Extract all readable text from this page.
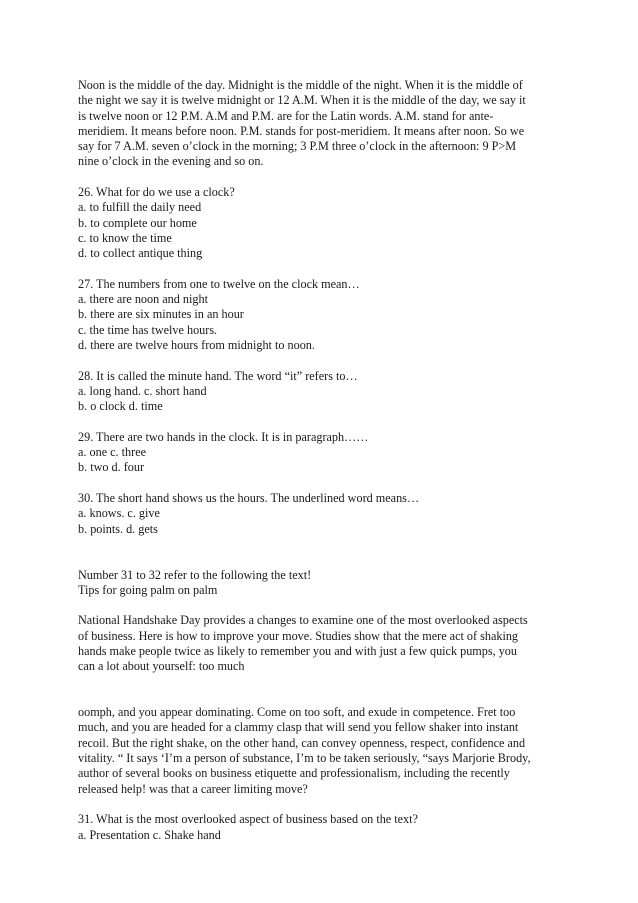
Noon is the middle of the day. Midnight is the middle of the night. When it is the middle of
the night we say it is twelve midnight or 12 A.M. When it is the middle of the day, we say it
is twelve noon or 12 P.M. A.M and P.M. are for the Latin words. A.M. stand for ante-
meridiem. It means before noon. P.M. stands for post-meridiem. It means after noon. So we
say for 7 A.M. seven o’clock in the morning; 3 P.M three o’clock in the afternoon: 9 P>M
nine o’clock in the evening and so on.
26. What for do we use a clock?
a. to fulfill the daily need
b. to complete our home
c. to know the time
d. to collect antique thing
27. The numbers from one to twelve on the clock mean…
a. there are noon and night
b. there are six minutes in an hour
c. the time has twelve hours.
d. there are twelve hours from midnight to noon.
28. It is called the minute hand. The word “it” refers to…
a. long hand. c. short hand
b. o clock d. time
29. There are two hands in the clock. It is in paragraph……
a. one c. three
b. two d. four
30. The short hand shows us the hours. The underlined word means…
a. knows. c. give
b. points. d. gets
Number 31 to 32 refer to the following the text!
Tips for going palm on palm
National Handshake Day provides a changes to examine one of the most overlooked aspects
of business. Here is how to improve your move. Studies show that the mere act of shaking
hands make people twice as likely to remember you and with just a few quick pumps, you
can a lot about yourself: too much
oomph, and you appear dominating. Come on too soft, and exude in competence. Fret too
much, and you are headed for a clammy clasp that will send you fellow shaker into instant
recoil. But the right shake, on the other hand, can convey openness, respect, confidence and
vitality. “ It says ‘I’m a person of substance, I’m to be taken seriously, “says Marjorie Brody,
author of several books on business etiquette and professionalism, including the recently
released help! was that a career limiting move?
31. What is the most overlooked aspect of business based on the text?
a. Presentation c. Shake hand
